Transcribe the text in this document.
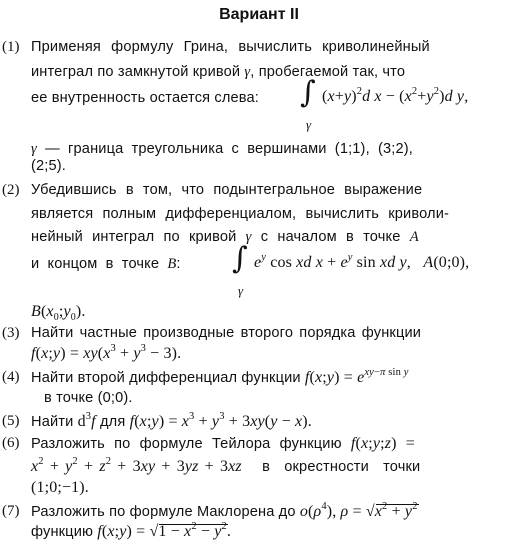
Вариант II
(1) Применяя формулу Грина, вычислить криволинейный
интеграл по замкнутой кривой γ, пробегаемой так, что
ее внутренность остается слева: ∫
γ
$(x+y)^2d$ $x - (x^2+y^2)d$ y,
γ — граница треугольника с вершинами (1;1), (3;2),
(2;5).
(2) Убедившись в том, что подынтегральное выражение
является полным дифференциалом, вычислить криволи-
нейный интеграл по кривой γ с началом в точке A
и концом в точке B: ∫
γ
$e^y$ cos xd $x + e^y$ sin xd y,   A(0;0),
$B(x_0;y_0)$.
(3) Найти частные производные второго порядка функции
f(x;y) = $xy(x^3 + y^3 - 3)$.
(4) Найти второй дифференциал функции f(x;y) = $e^{xy-\pi sin y}$
в точке (0;0).
(5) Найти $d^3f$ для f(x;y) = $x^3 + y^3 + 3xy(y - x)$.
(6) Разложить по формуле Тейлора функцию f(x;y;z) =
$x^2 + y^2 + z^2 + 3xy + 3yz + 3xz$  в окрестности точки
(1;0;−1).
(7) Разложить по формуле Маклорена до $o(\rho^4)$, ρ = √
$x^2 + y^2$
функцию f(x;y) = √
$1 - x^2 - y^2$.
